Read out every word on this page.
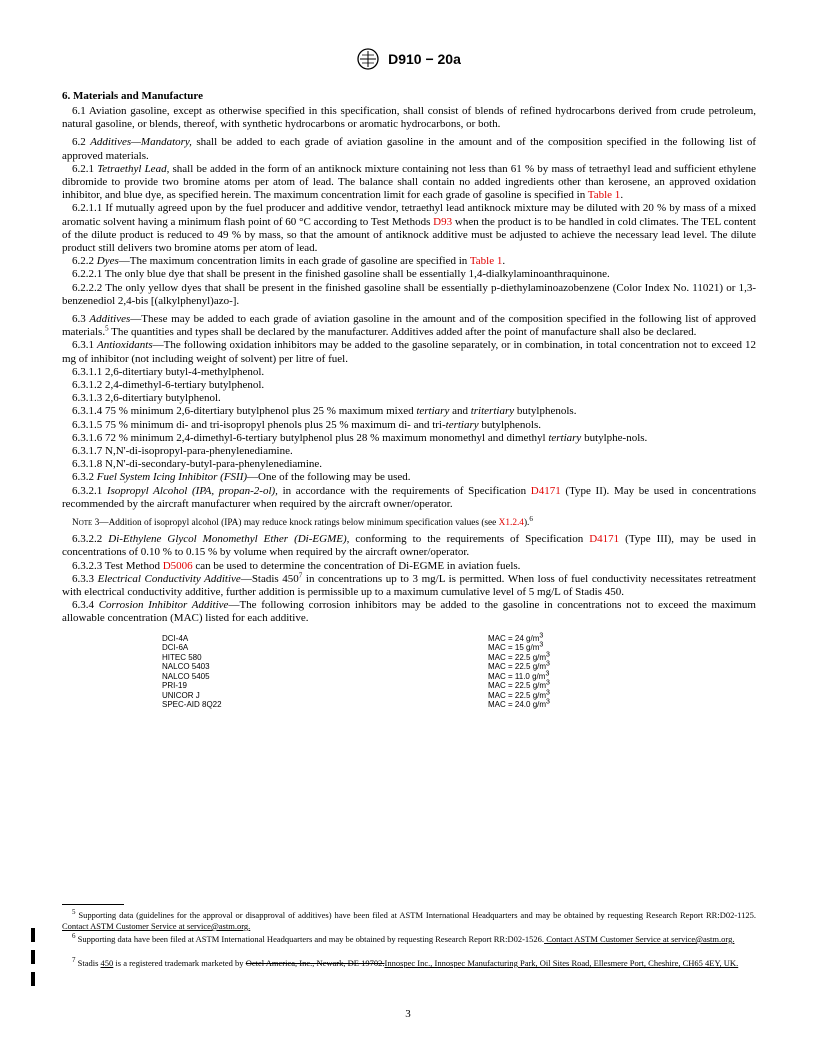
D910 − 20a
6. Materials and Manufacture

6.1 Aviation gasoline, except as otherwise specified in this specification, shall consist of blends of refined hydrocarbons derived from crude petroleum, natural gasoline, or blends, thereof, with synthetic hydrocarbons or aromatic hydrocarbons, or both.

6.2 Additives—Mandatory, shall be added to each grade of aviation gasoline in the amount and of the composition specified in the following list of approved materials.

6.2.1 Tetraethyl Lead, shall be added in the form of an antiknock mixture containing not less than 61 % by mass of tetraethyl lead and sufficient ethylene dibromide to provide two bromine atoms per atom of lead. The balance shall contain no added ingredients other than kerosene, an approved oxidation inhibitor, and blue dye, as specified herein. The maximum concentration limit for each grade of gasoline is specified in Table 1.

6.2.1.1 If mutually agreed upon by the fuel producer and additive vendor, tetraethyl lead antiknock mixture may be diluted with 20 % by mass of a mixed aromatic solvent having a minimum flash point of 60 °C according to Test Methods D93 when the product is to be handled in cold climates. The TEL content of the dilute product is reduced to 49 % by mass, so that the amount of antiknock additive must be adjusted to achieve the necessary lead level. The dilute product still delivers two bromine atoms per atom of lead.

6.2.2 Dyes—The maximum concentration limits in each grade of gasoline are specified in Table 1.

6.2.2.1 The only blue dye that shall be present in the finished gasoline shall be essentially 1,4-dialkylaminoanthraquinone.

6.2.2.2 The only yellow dyes that shall be present in the finished gasoline shall be essentially p-diethylaminoazobenzene (Color Index No. 11021) or 1,3-benzenediol 2,4-bis [(alkylphenyl)azo-].

6.3 Additives—These may be added to each grade of aviation gasoline in the amount and of the composition specified in the following list of approved materials.$^5$ The quantities and types shall be declared by the manufacturer. Additives added after the point of manufacture shall also be declared.

6.3.1 Antioxidants—The following oxidation inhibitors may be added to the gasoline separately, or in combination, in total concentration not to exceed 12 mg of inhibitor (not including weight of solvent) per litre of fuel.

6.3.1.1 2,6-ditertiary butyl-4-methylphenol.

6.3.1.2 2,4-dimethyl-6-tertiary butylphenol.

6.3.1.3 2,6-ditertiary butylphenol.

6.3.1.4 75 % minimum 2,6-ditertiary butylphenol plus 25 % maximum mixed tertiary and tritertiary butylphenols.

6.3.1.5 75 % minimum di- and tri-isopropyl phenols plus 25 % maximum di- and tri-tertiary butylphenols.

6.3.1.6 72 % minimum 2,4-dimethyl-6-tertiary butylphenol plus 28 % maximum monomethyl and dimethyl tertiary butylphe-nols.

6.3.1.7 N,N'-di-isopropyl-para-phenylenediamine.

6.3.1.8 N,N'-di-secondary-butyl-para-phenylenediamine.

6.3.2 Fuel System Icing Inhibitor (FSII)—One of the following may be used.

6.3.2.1 Isopropyl Alcohol (IPA, propan-2-ol), in accordance with the requirements of Specification D4171 (Type II). May be used in concentrations recommended by the aircraft manufacturer when required by the aircraft owner/operator.

Note 3—Addition of isopropyl alcohol (IPA) may reduce knock ratings below minimum specification values (see X1.2.4).$^6$

6.3.2.2 Di-Ethylene Glycol Monomethyl Ether (Di-EGME), conforming to the requirements of Specification D4171 (Type III), may be used in concentrations of 0.10 % to 0.15 % by volume when required by the aircraft owner/operator.

6.3.2.3 Test Method D5006 can be used to determine the concentration of Di-EGME in aviation fuels.

6.3.3 Electrical Conductivity Additive—Stadis $450^7$ in concentrations up to 3 mg/L is permitted. When loss of fuel conductivity necessitates retreatment with electrical conductivity additive, further addition is permissible up to a maximum cumulative level of 5 mg/L of Stadis 450.

6.3.4 Corrosion Inhibitor Additive—The following corrosion inhibitors may be added to the gasoline in concentrations not to exceed the maximum allowable concentration (MAC) listed for each additive.

DCI-4A	MAC = 24 $g/m^3$
DCI-6A	MAC = 15 $g/m^3$
HITEC 580	MAC = 22.5 $g/m^3$
NALCO 5403	MAC = 22.5 $g/m^3$
NALCO 5405	MAC = 11.0 $g/m^3$
PRI-19	MAC = 22.5 $g/m^3$
UNICOR J	MAC = 22.5 $g/m^3$
SPEC-AID 8Q22	MAC = 24.0 $g/m^3$
$^5$ Supporting data (guidelines for the approval or disapproval of additives) have been filed at ASTM International Headquarters and may be obtained by requesting Research Report RR:D02-1125. Contact ASTM Customer Service at service@astm.org.
$^6$ Supporting data have been filed at ASTM International Headquarters and may be obtained by requesting Research Report RR:D02-1526. Contact ASTM Customer Service at service@astm.org.
$^7$ Stadis 450 is a registered trademark marketed by Octel America, Inc., Newark, DE 19702.Innospec Inc., Innospec Manufacturing Park, Oil Sites Road, Ellesmere Port, Cheshire, CH65 4EY, UK.
3
